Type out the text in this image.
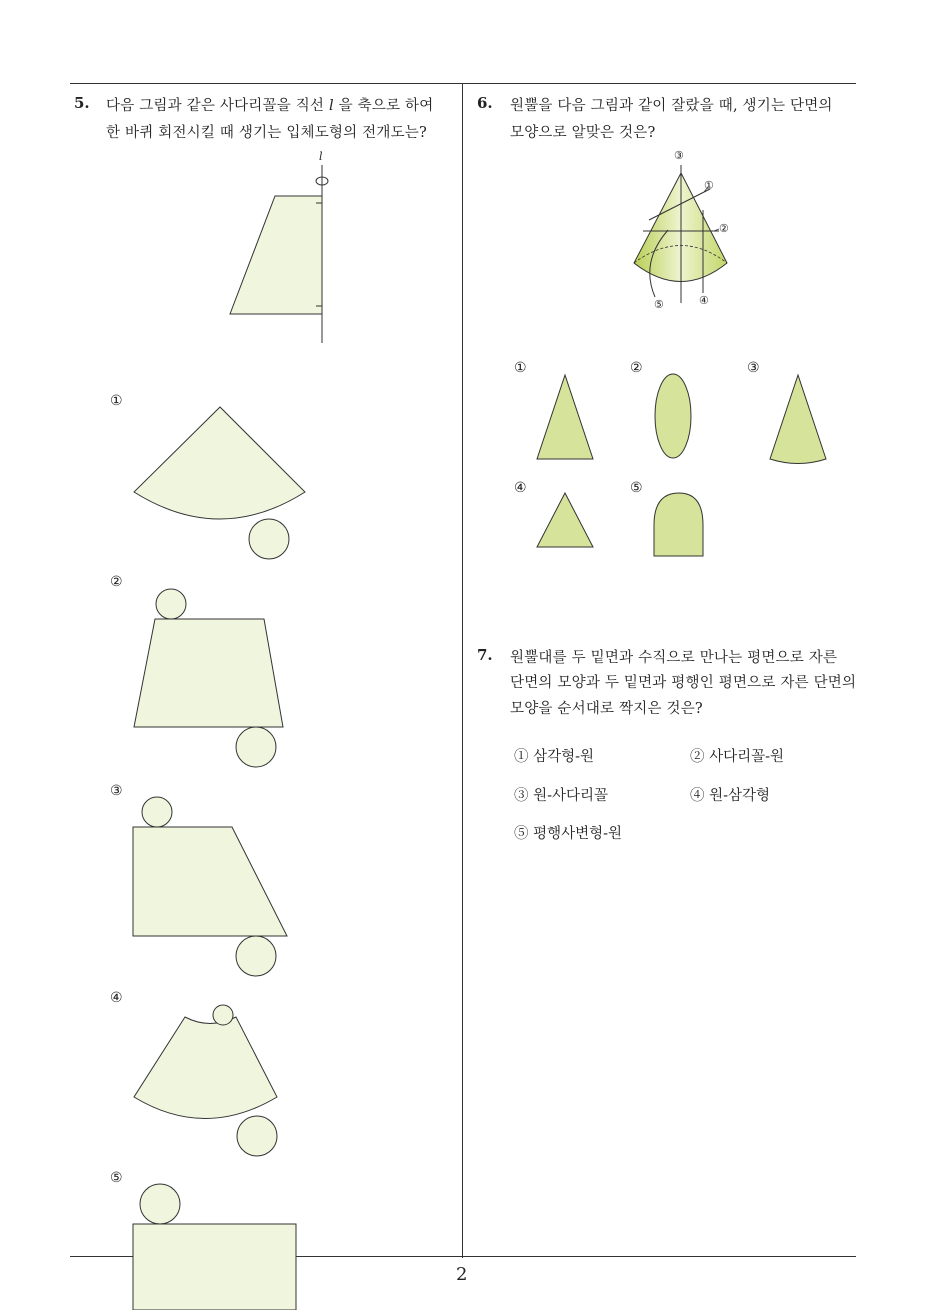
2
5. 다음 그림과 같은 사다리꼴을 직선 l 을 축으로 하여
한 바퀴 회전시킬 때 생기는 입체도형의 전개도는?
l
①
②
③
④
⑤
6. 원뿔을 다음 그림과 같이 잘랐을 때, 생기는 단면의
모양으로 알맞은 것은?
③
①
②
④
⑤
①	②	③
④	⑤
7. 원뿔대를 두 밑면과 수직으로 만나는 평면으로 자른
단면의 모양과 두 밑면과 평행인 평면으로 자른 단면의
모양을 순서대로 짝지은 것은?
① 삼각형-원	② 사다리꼴-원
③ 원-사다리꼴	④ 원-삼각형
⑤ 평행사변형-원
